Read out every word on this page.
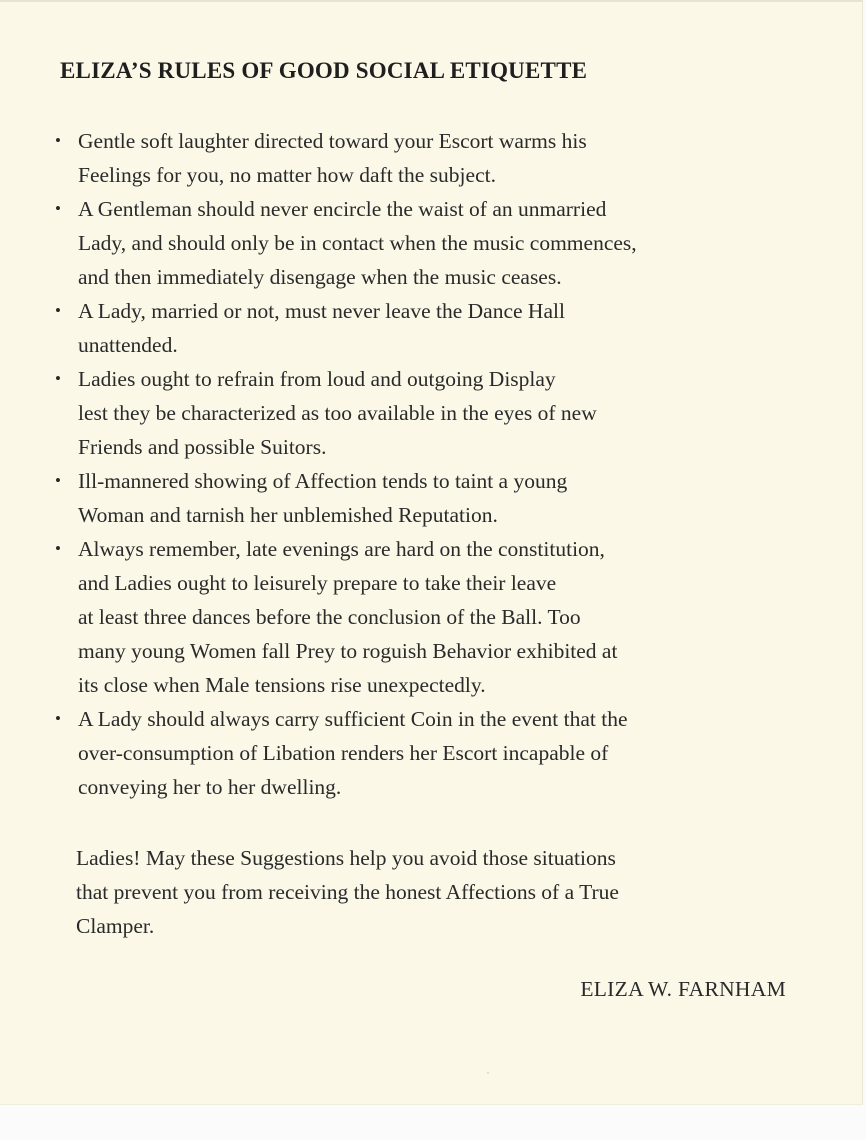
ELIZA’S RULES OF GOOD SOCIAL ETIQUETTE
• Gentle soft laughter directed toward your Escort warms his
Feelings for you, no matter how daft the subject.
• A Gentleman should never encircle the waist of an unmarried
Lady, and should only be in contact when the music commences,
and then immediately disengage when the music ceases.
• A Lady, married or not, must never leave the Dance Hall
unattended.
• Ladies ought to refrain from loud and outgoing Display
lest they be characterized as too available in the eyes of new
Friends and possible Suitors.
• Ill-mannered showing of Affection tends to taint a young
Woman and tarnish her unblemished Reputation.
• Always remember, late evenings are hard on the constitution,
and Ladies ought to leisurely prepare to take their leave
at least three dances before the conclusion of the Ball. Too
many young Women fall Prey to roguish Behavior exhibited at
its close when Male tensions rise unexpectedly.
• A Lady should always carry sufficient Coin in the event that the
over-consumption of Libation renders her Escort incapable of
conveying her to her dwelling.

Ladies! May these Suggestions help you avoid those situations
that prevent you from receiving the honest Affections of a True
Clamper.

ELIZA W. FARNHAM
